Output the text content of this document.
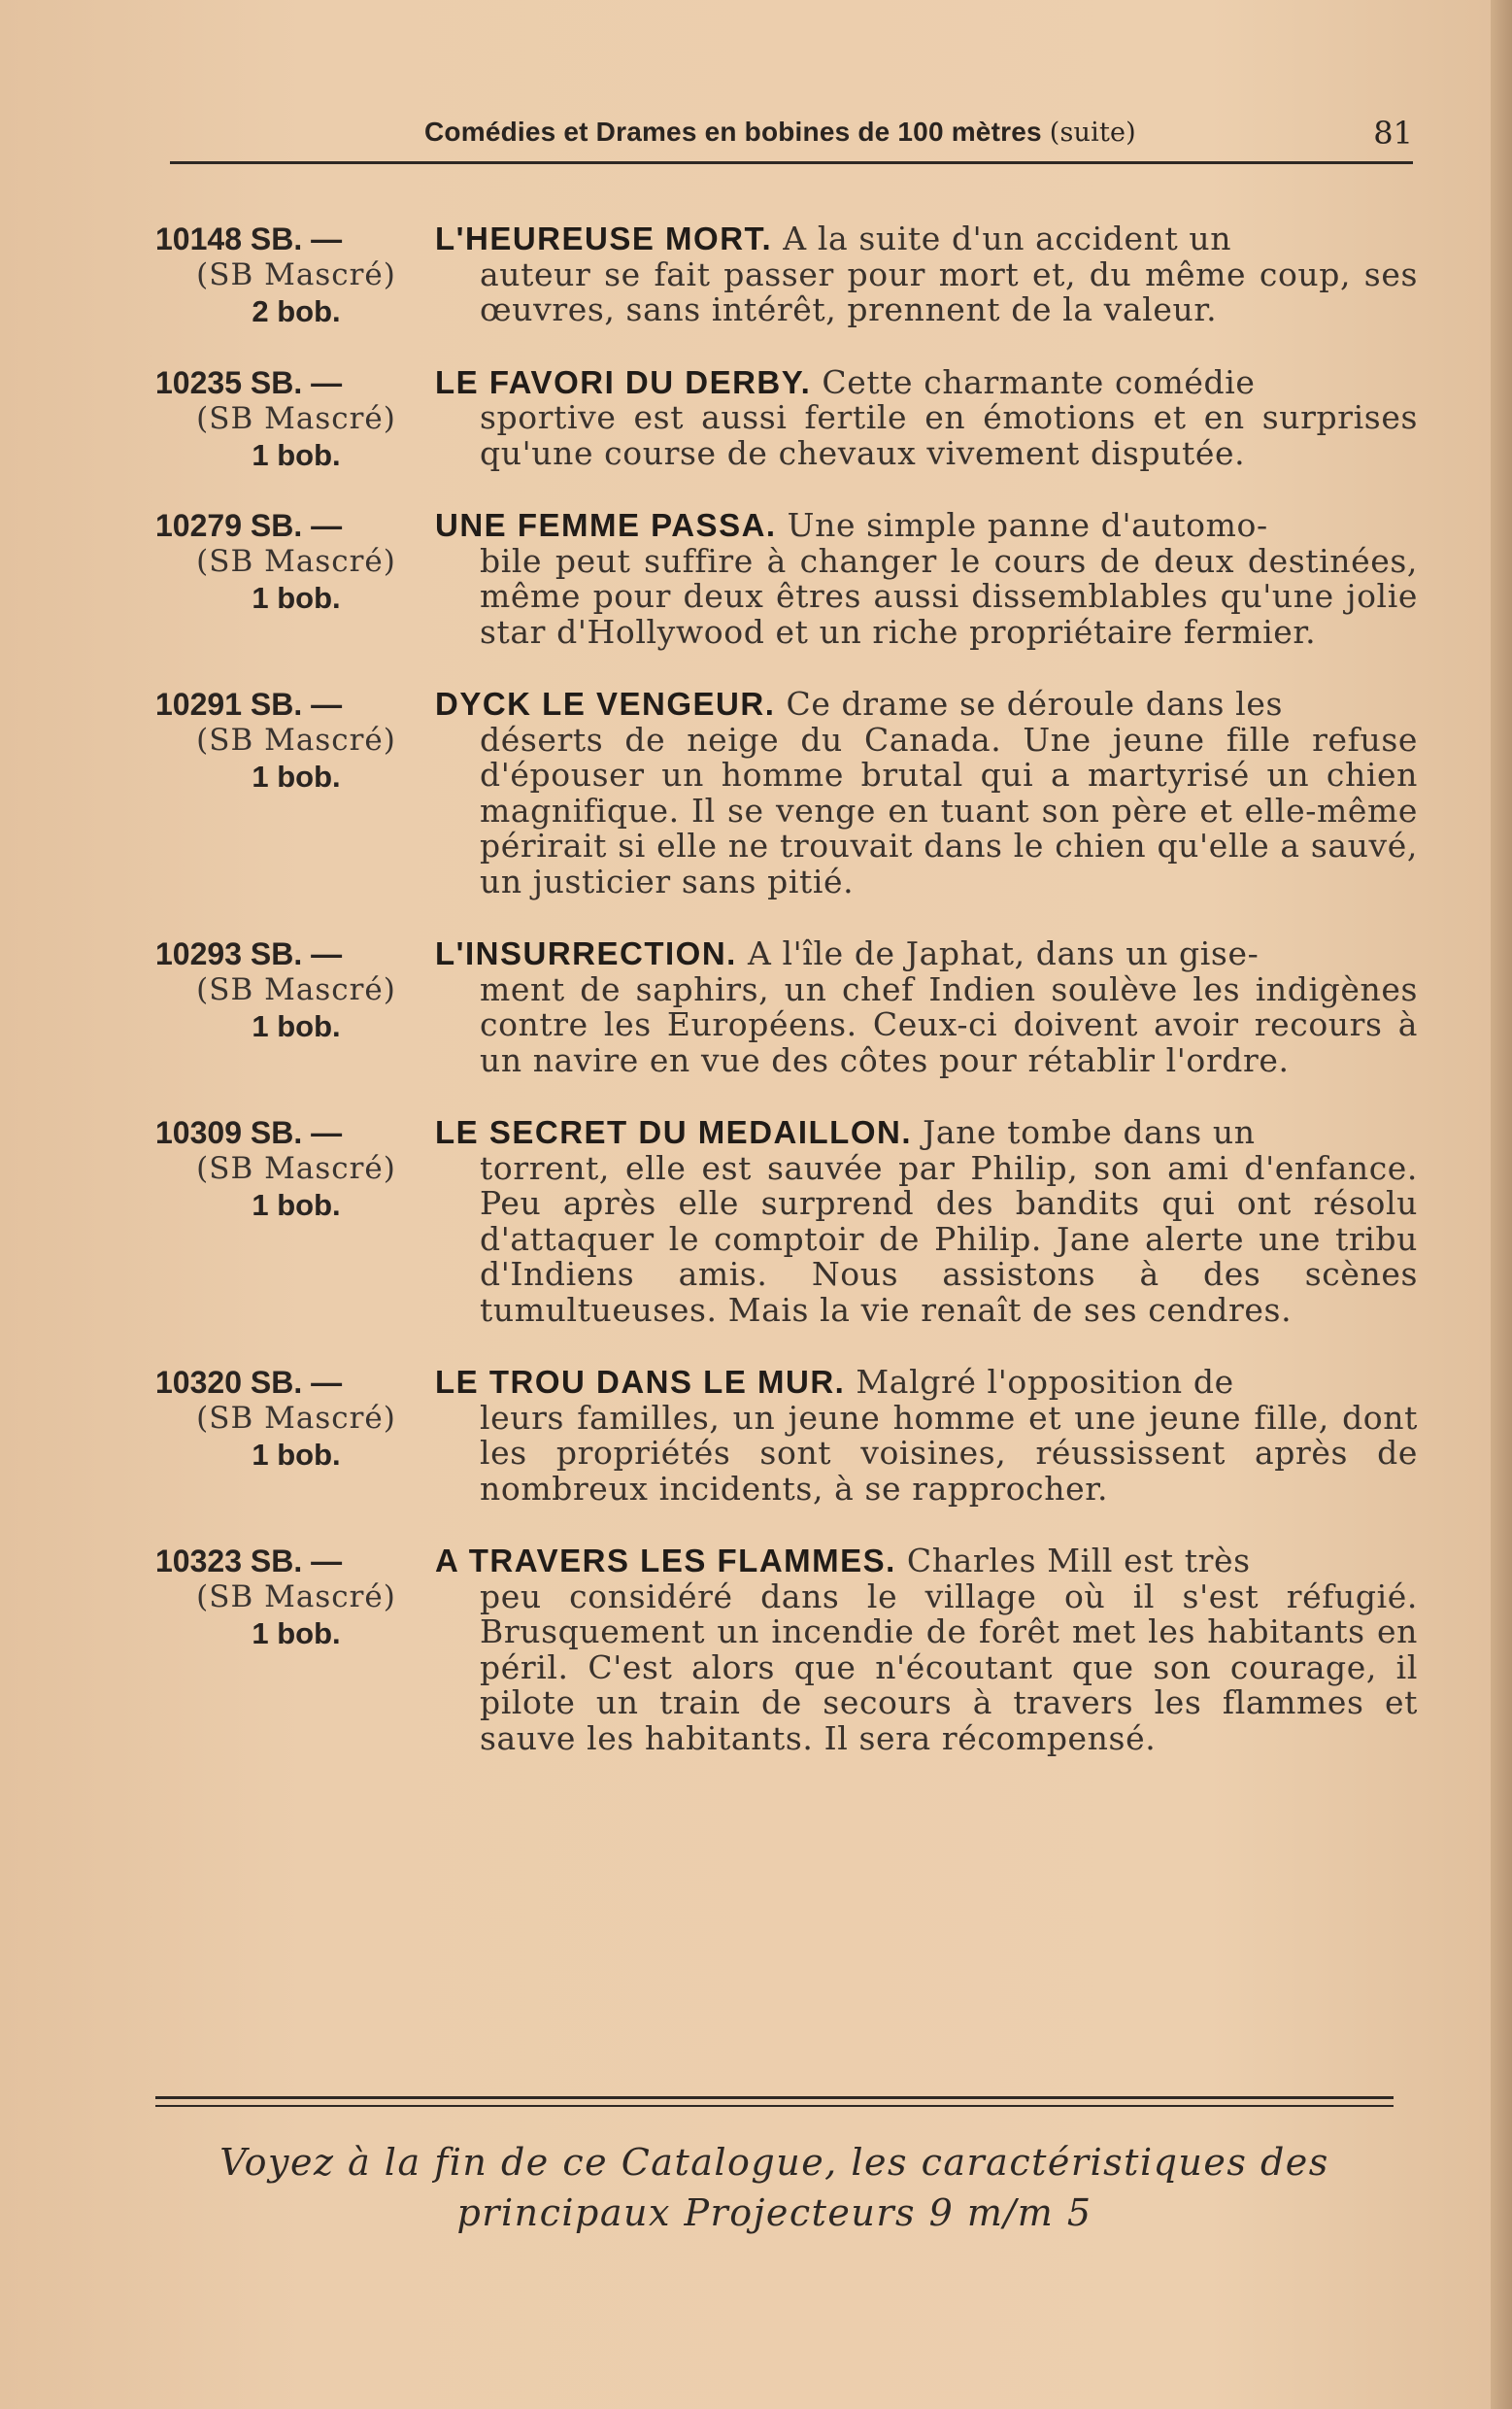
Comédies et Drames en bobines de 100 mètres (suite)	81
10148 SB. —
(SB Mascré)
2 bob.
L'HEUREUSE MORT. A la suite d'un accident un
auteur se fait passer pour mort et, du même coup, ses œuvres, sans intérêt, prennent de la valeur.
10235 SB. —
(SB Mascré)
1 bob.
LE FAVORI DU DERBY. Cette charmante comédie
sportive est aussi fertile en émotions et en surprises qu'une course de chevaux vivement disputée.
10279 SB. —
(SB Mascré)
1 bob.
UNE FEMME PASSA. Une simple panne d'automo-
bile peut suffire à changer le cours de deux destinées, même pour deux êtres aussi dissemblables qu'une jolie star d'Hollywood et un riche propriétaire fermier.
10291 SB. —
(SB Mascré)
1 bob.
DYCK LE VENGEUR. Ce drame se déroule dans les
déserts de neige du Canada. Une jeune fille refuse d'épouser un homme brutal qui a martyrisé un chien magnifique. Il se venge en tuant son père et elle-même périrait si elle ne trouvait dans le chien qu'elle a sauvé, un justicier sans pitié.
10293 SB. —
(SB Mascré)
1 bob.
L'INSURRECTION. A l'île de Japhat, dans un gise-
ment de saphirs, un chef Indien soulève les indigènes contre les Européens. Ceux-ci doivent avoir recours à un navire en vue des côtes pour rétablir l'ordre.
10309 SB. —
(SB Mascré)
1 bob.
LE SECRET DU MEDAILLON. Jane tombe dans un
torrent, elle est sauvée par Philip, son ami d'enfance. Peu après elle surprend des bandits qui ont résolu d'attaquer le comptoir de Philip. Jane alerte une tribu d'Indiens amis. Nous assistons à des scènes tumultueuses. Mais la vie renaît de ses cendres.
10320 SB. —
(SB Mascré)
1 bob.
LE TROU DANS LE MUR. Malgré l'opposition de
leurs familles, un jeune homme et une jeune fille, dont les propriétés sont voisines, réussissent après de nombreux incidents, à se rapprocher.
10323 SB. —
(SB Mascré)
1 bob.
A TRAVERS LES FLAMMES. Charles Mill est très
peu considéré dans le village où il s'est réfugié. Brusquement un incendie de forêt met les habitants en péril. C'est alors que n'écoutant que son courage, il pilote un train de secours à travers les flammes et sauve les habitants. Il sera récompensé.
Voyez à la fin de ce Catalogue, les caractéristiques des
principaux Projecteurs 9 m/m 5
